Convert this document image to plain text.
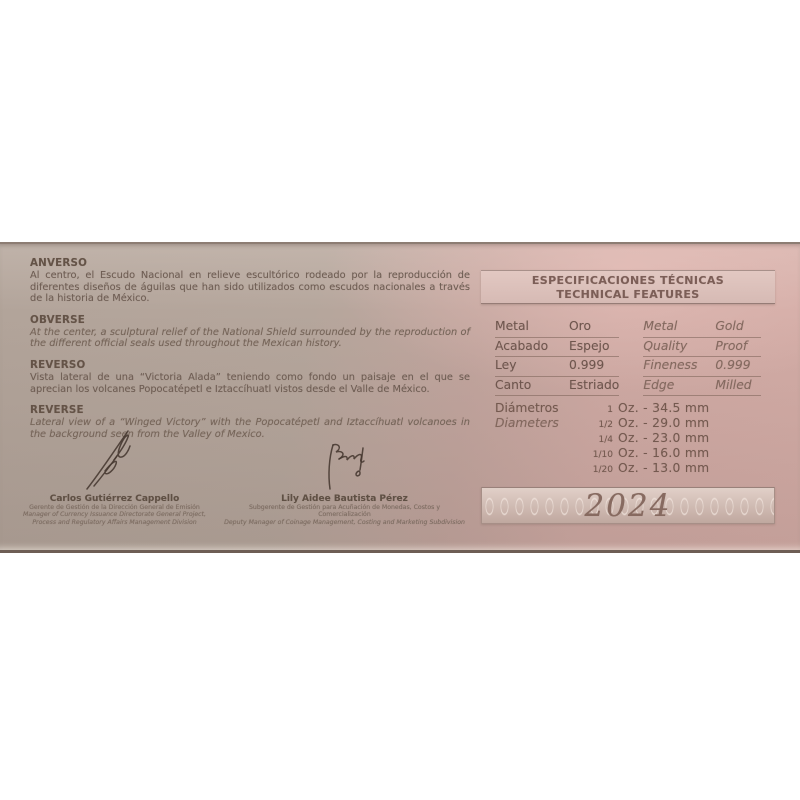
ANVERSO

Al centro, el Escudo Nacional en relieve escultórico rodeado por la reproducción de diferentes diseños de águilas que han sido utilizados como escudos nacionales a través de la historia de México.

OBVERSE

At the center, a sculptural relief of the National Shield surrounded by the reproduction of the different official seals used throughout the Mexican history.

REVERSO

Vista lateral de una “Victoria Alada” teniendo como fondo un paisaje en el que se aprecian los volcanes Popocatépetl e Iztaccíhuatl vistos desde el Valle de México.

REVERSE

Lateral view of a “Winged Victory” with the Popocatépetl and Iztaccíhuatl volcanoes in the background seen from the Valley of Mexico.

Carlos Gutiérrez Cappello
Gerente de Gestión de la Dirección General de Emisión
Manager of Currency Issuance Directorate General Project,
Process and Regulatory Affairs Management Division
Lily Aidee Bautista Pérez
Subgerente de Gestión para Acuñación de Monedas, Costos y Comercialización
Deputy Manager of Coinage Management, Costing and Marketing Subdivision
ESPECIFICACIONES TÉCNICAS
TECHNICAL FEATURES
Metal	Oro
Acabado	Espejo
Ley	0.999
Canto	Estriado
Metal	Gold
Quality	Proof
Fineness	0.999
Edge	Milled
Diámetros
Diameters
1 Oz. - 34.5 mm
1/2 Oz. - 29.0 mm
1/4 Oz. - 23.0 mm
1/10 Oz. - 16.0 mm
1/20 Oz. - 13.0 mm
2024
